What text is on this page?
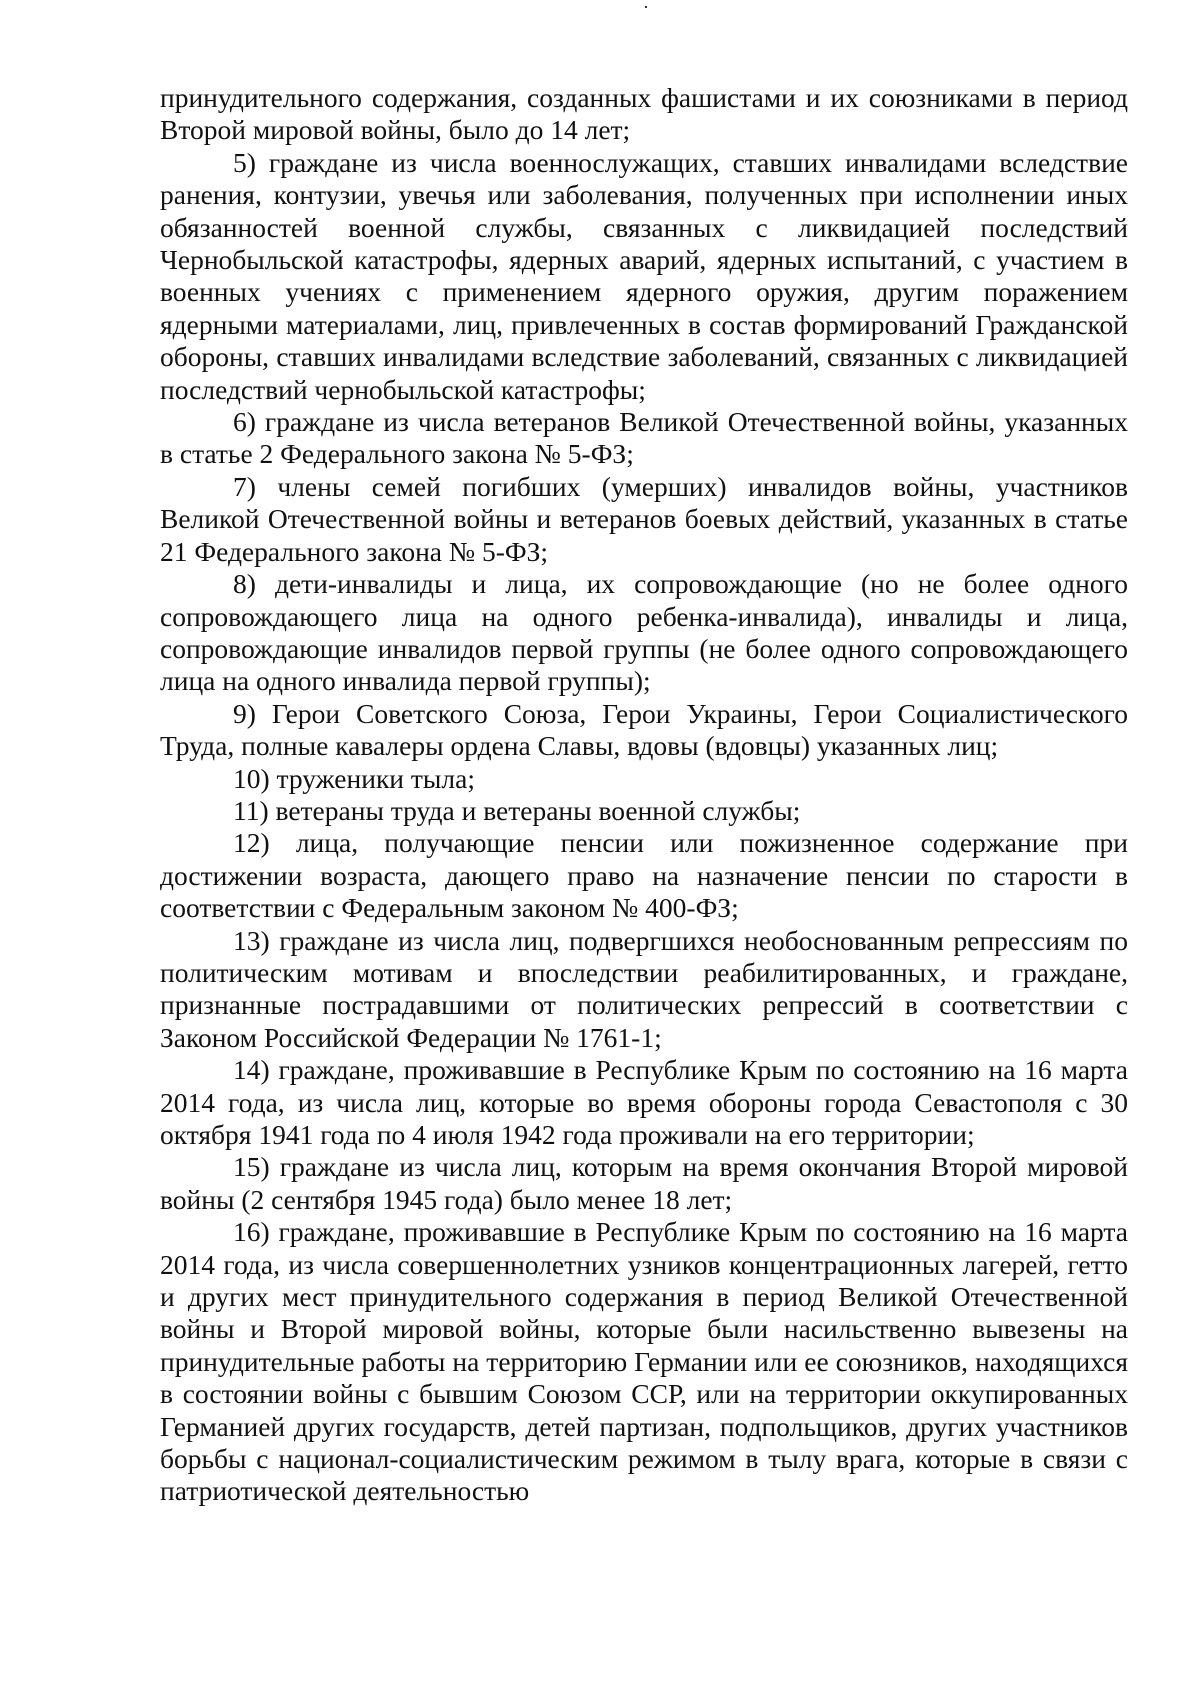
принудительного содержания, созданных фашистами и их союзниками в период Второй мировой войны, было до 14 лет;

5) граждане из числа военнослужащих, ставших инвалидами вследствие ранения, контузии, увечья или заболевания, полученных при исполнении иных обязанностей военной службы, связанных с ликвидацией последствий Чернобыльской катастрофы, ядерных аварий, ядерных испытаний, с участием в военных учениях с применением ядерного оружия, другим поражением ядерными материалами, лиц, привлеченных в состав формирований Гражданской обороны, ставших инвалидами вследствие заболеваний, связанных с ликвидацией последствий чернобыльской катастрофы;

6) граждане из числа ветеранов Великой Отечественной войны, указанных в статье 2 Федерального закона № 5-ФЗ;

7) члены семей погибших (умерших) инвалидов войны, участников Великой Отечественной войны и ветеранов боевых действий, указанных в статье 21 Федерального закона № 5-ФЗ;

8) дети-инвалиды и лица, их сопровождающие (но не более одного сопровождающего лица на одного ребенка-инвалида), инвалиды и лица, сопровождающие инвалидов первой группы (не более одного сопровождающего лица на одного инвалида первой группы);

9) Герои Советского Союза, Герои Украины, Герои Социалистического Труда, полные кавалеры ордена Славы, вдовы (вдовцы) указанных лиц;

10) труженики тыла;

11) ветераны труда и ветераны военной службы;

12) лица, получающие пенсии или пожизненное содержание при достижении возраста, дающего право на назначение пенсии по старости в соответствии с Федеральным законом № 400-ФЗ;

13) граждане из числа лиц, подвергшихся необоснованным репрессиям по политическим мотивам и впоследствии реабилитированных, и граждане, признанные пострадавшими от политических репрессий в соответствии с Законом Российской Федерации № 1761-1;

14) граждане, проживавшие в Республике Крым по состоянию на 16 марта 2014 года, из числа лиц, которые во время обороны города Севастополя с 30 октября 1941 года по 4 июля 1942 года проживали на его территории;

15) граждане из числа лиц, которым на время окончания Второй мировой войны (2 сентября 1945 года) было менее 18 лет;

16) граждане, проживавшие в Республике Крым по состоянию на 16 марта 2014 года, из числа совершеннолетних узников концентрационных лагерей, гетто и других мест принудительного содержания в период Великой Отечественной войны и Второй мировой войны, которые были насильственно вывезены на принудительные работы на территорию Германии или ее союзников, находящихся в состоянии войны с бывшим Союзом ССР, или на территории оккупированных Германией других государств, детей партизан, подпольщиков, других участников борьбы с национал-социалистическим режимом в тылу врага, которые в связи с патриотической деятельностью
